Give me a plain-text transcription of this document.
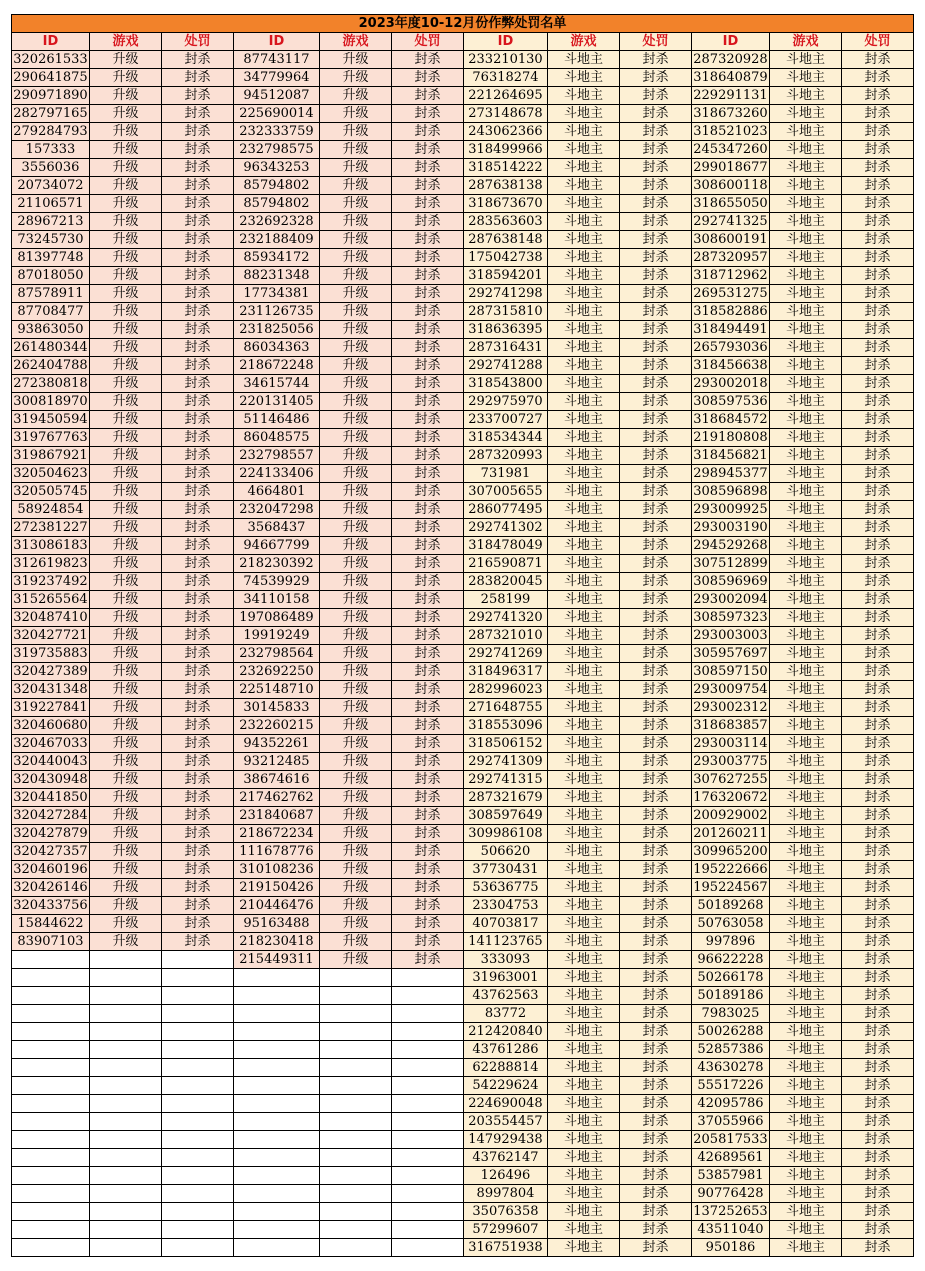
2023年度10-12月份作弊处罚名单											
ID	游戏	处罚	ID	游戏	处罚	ID	游戏	处罚	ID	游戏	处罚
320261533	升级	封杀	87743117	升级	封杀	233210130	斗地主	封杀	287320928	斗地主	封杀
290641875	升级	封杀	34779964	升级	封杀	76318274	斗地主	封杀	318640879	斗地主	封杀
290971890	升级	封杀	94512087	升级	封杀	221264695	斗地主	封杀	229291131	斗地主	封杀
282797165	升级	封杀	225690014	升级	封杀	273148678	斗地主	封杀	318673260	斗地主	封杀
279284793	升级	封杀	232333759	升级	封杀	243062366	斗地主	封杀	318521023	斗地主	封杀
157333	升级	封杀	232798575	升级	封杀	318499966	斗地主	封杀	245347260	斗地主	封杀
3556036	升级	封杀	96343253	升级	封杀	318514222	斗地主	封杀	299018677	斗地主	封杀
20734072	升级	封杀	85794802	升级	封杀	287638138	斗地主	封杀	308600118	斗地主	封杀
21106571	升级	封杀	85794802	升级	封杀	318673670	斗地主	封杀	318655050	斗地主	封杀
28967213	升级	封杀	232692328	升级	封杀	283563603	斗地主	封杀	292741325	斗地主	封杀
73245730	升级	封杀	232188409	升级	封杀	287638148	斗地主	封杀	308600191	斗地主	封杀
81397748	升级	封杀	85934172	升级	封杀	175042738	斗地主	封杀	287320957	斗地主	封杀
87018050	升级	封杀	88231348	升级	封杀	318594201	斗地主	封杀	318712962	斗地主	封杀
87578911	升级	封杀	17734381	升级	封杀	292741298	斗地主	封杀	269531275	斗地主	封杀
87708477	升级	封杀	231126735	升级	封杀	287315810	斗地主	封杀	318582886	斗地主	封杀
93863050	升级	封杀	231825056	升级	封杀	318636395	斗地主	封杀	318494491	斗地主	封杀
261480344	升级	封杀	86034363	升级	封杀	287316431	斗地主	封杀	265793036	斗地主	封杀
262404788	升级	封杀	218672248	升级	封杀	292741288	斗地主	封杀	318456638	斗地主	封杀
272380818	升级	封杀	34615744	升级	封杀	318543800	斗地主	封杀	293002018	斗地主	封杀
300818970	升级	封杀	220131405	升级	封杀	292975970	斗地主	封杀	308597536	斗地主	封杀
319450594	升级	封杀	51146486	升级	封杀	233700727	斗地主	封杀	318684572	斗地主	封杀
319767763	升级	封杀	86048575	升级	封杀	318534344	斗地主	封杀	219180808	斗地主	封杀
319867921	升级	封杀	232798557	升级	封杀	287320993	斗地主	封杀	318456821	斗地主	封杀
320504623	升级	封杀	224133406	升级	封杀	731981	斗地主	封杀	298945377	斗地主	封杀
320505745	升级	封杀	4664801	升级	封杀	307005655	斗地主	封杀	308596898	斗地主	封杀
58924854	升级	封杀	232047298	升级	封杀	286077495	斗地主	封杀	293009925	斗地主	封杀
272381227	升级	封杀	3568437	升级	封杀	292741302	斗地主	封杀	293003190	斗地主	封杀
313086183	升级	封杀	94667799	升级	封杀	318478049	斗地主	封杀	294529268	斗地主	封杀
312619823	升级	封杀	218230392	升级	封杀	216590871	斗地主	封杀	307512899	斗地主	封杀
319237492	升级	封杀	74539929	升级	封杀	283820045	斗地主	封杀	308596969	斗地主	封杀
315265564	升级	封杀	34110158	升级	封杀	258199	斗地主	封杀	293002094	斗地主	封杀
320487410	升级	封杀	197086489	升级	封杀	292741320	斗地主	封杀	308597323	斗地主	封杀
320427721	升级	封杀	19919249	升级	封杀	287321010	斗地主	封杀	293003003	斗地主	封杀
319735883	升级	封杀	232798564	升级	封杀	292741269	斗地主	封杀	305957697	斗地主	封杀
320427389	升级	封杀	232692250	升级	封杀	318496317	斗地主	封杀	308597150	斗地主	封杀
320431348	升级	封杀	225148710	升级	封杀	282996023	斗地主	封杀	293009754	斗地主	封杀
319227841	升级	封杀	30145833	升级	封杀	271648755	斗地主	封杀	293002312	斗地主	封杀
320460680	升级	封杀	232260215	升级	封杀	318553096	斗地主	封杀	318683857	斗地主	封杀
320467033	升级	封杀	94352261	升级	封杀	318506152	斗地主	封杀	293003114	斗地主	封杀
320440043	升级	封杀	93212485	升级	封杀	292741309	斗地主	封杀	293003775	斗地主	封杀
320430948	升级	封杀	38674616	升级	封杀	292741315	斗地主	封杀	307627255	斗地主	封杀
320441850	升级	封杀	217462762	升级	封杀	287321679	斗地主	封杀	176320672	斗地主	封杀
320427284	升级	封杀	231840687	升级	封杀	308597649	斗地主	封杀	200929002	斗地主	封杀
320427879	升级	封杀	218672234	升级	封杀	309986108	斗地主	封杀	201260211	斗地主	封杀
320427357	升级	封杀	111678776	升级	封杀	506620	斗地主	封杀	309965200	斗地主	封杀
320460196	升级	封杀	310108236	升级	封杀	37730431	斗地主	封杀	195222666	斗地主	封杀
320426146	升级	封杀	219150426	升级	封杀	53636775	斗地主	封杀	195224567	斗地主	封杀
320433756	升级	封杀	210446476	升级	封杀	23304753	斗地主	封杀	50189268	斗地主	封杀
15844622	升级	封杀	95163488	升级	封杀	40703817	斗地主	封杀	50763058	斗地主	封杀
83907103	升级	封杀	218230418	升级	封杀	141123765	斗地主	封杀	997896	斗地主	封杀
			215449311	升级	封杀	333093	斗地主	封杀	96622228	斗地主	封杀
						31963001	斗地主	封杀	50266178	斗地主	封杀
						43762563	斗地主	封杀	50189186	斗地主	封杀
						83772	斗地主	封杀	7983025	斗地主	封杀
						212420840	斗地主	封杀	50026288	斗地主	封杀
						43761286	斗地主	封杀	52857386	斗地主	封杀
						62288814	斗地主	封杀	43630278	斗地主	封杀
						54229624	斗地主	封杀	55517226	斗地主	封杀
						224690048	斗地主	封杀	42095786	斗地主	封杀
						203554457	斗地主	封杀	37055966	斗地主	封杀
						147929438	斗地主	封杀	205817533	斗地主	封杀
						43762147	斗地主	封杀	42689561	斗地主	封杀
						126496	斗地主	封杀	53857981	斗地主	封杀
						8997804	斗地主	封杀	90776428	斗地主	封杀
						35076358	斗地主	封杀	137252653	斗地主	封杀
						57299607	斗地主	封杀	43511040	斗地主	封杀
						316751938	斗地主	封杀	950186	斗地主	封杀
